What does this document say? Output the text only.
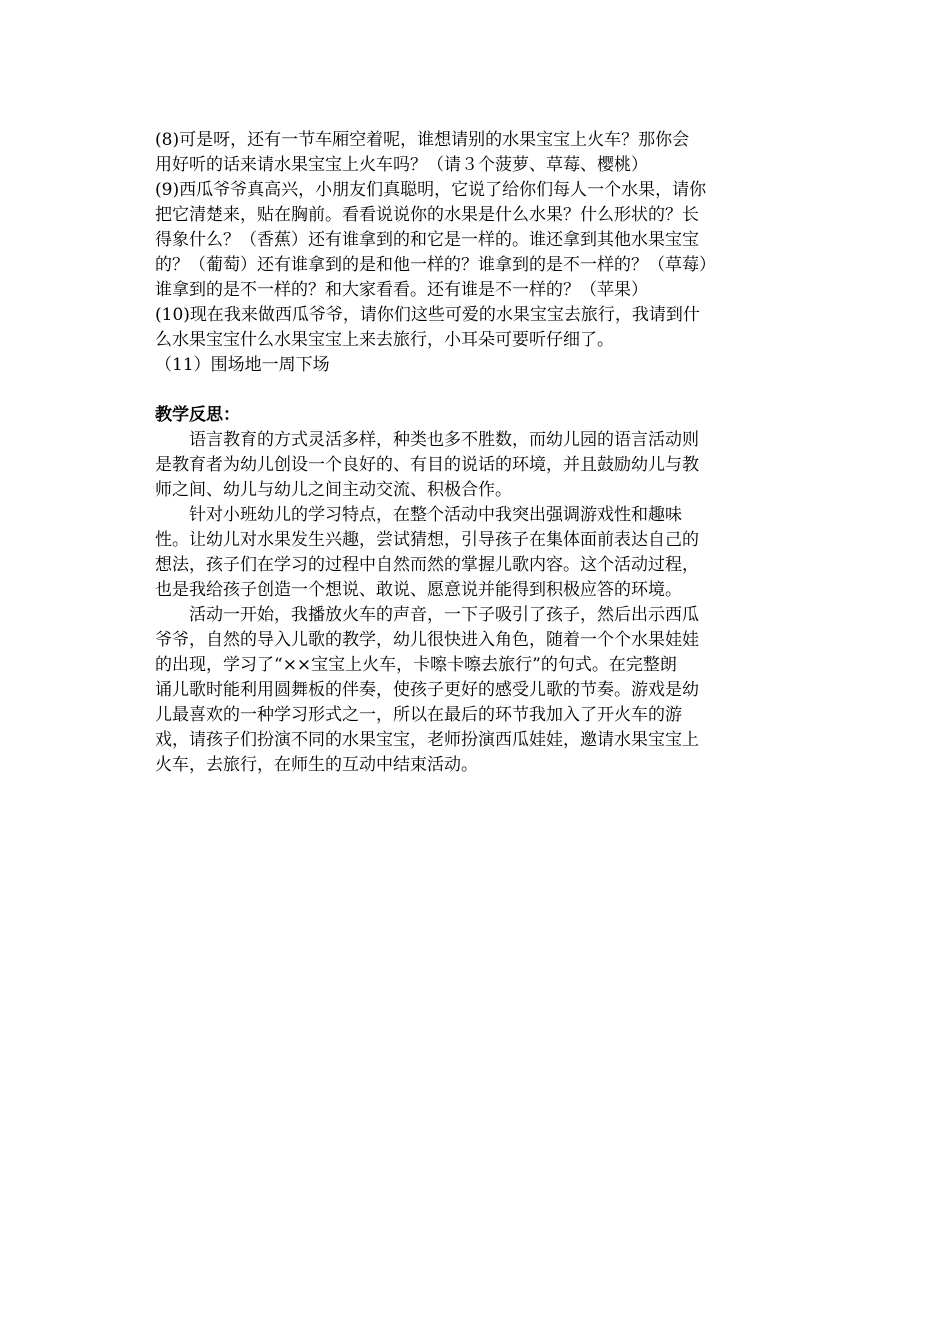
(8)可是呀，还有一节车厢空着呢，谁想请别的水果宝宝上火车？那你会
用好听的话来请水果宝宝上火车吗？（请３个菠萝、草莓、樱桃）
(9)西瓜爷爷真高兴，小朋友们真聪明，它说了给你们每人一个水果，请你
把它清楚来，贴在胸前。看看说说你的水果是什么水果？什么形状的？长
得象什么？（香蕉）还有谁拿到的和它是一样的。谁还拿到其他水果宝宝
的？（葡萄）还有谁拿到的是和他一样的？谁拿到的是不一样的？（草莓）
谁拿到的是不一样的？和大家看看。还有谁是不一样的？（苹果）
(10)现在我来做西瓜爷爷，请你们这些可爱的水果宝宝去旅行，我请到什
么水果宝宝什么水果宝宝上来去旅行，小耳朵可要听仔细了。
（11）围场地一周下场
教学反思：
语言教育的方式灵活多样，种类也多不胜数，而幼儿园的语言活动则
是教育者为幼儿创设一个良好的、有目的说话的环境，并且鼓励幼儿与教
师之间、幼儿与幼儿之间主动交流、积极合作。
针对小班幼儿的学习特点，在整个活动中我突出强调游戏性和趣味
性。让幼儿对水果发生兴趣，尝试猜想，引导孩子在集体面前表达自己的
想法，孩子们在学习的过程中自然而然的掌握儿歌内容。这个活动过程，
也是我给孩子创造一个想说、敢说、愿意说并能得到积极应答的环境。
活动一开始，我播放火车的声音，一下子吸引了孩子，然后出示西瓜
爷爷，自然的导入儿歌的教学，幼儿很快进入角色，随着一个个水果娃娃
的出现，学习了“××宝宝上火车，卡嚓卡嚓去旅行”的句式。在完整朗
诵儿歌时能利用圆舞板的伴奏，使孩子更好的感受儿歌的节奏。游戏是幼
儿最喜欢的一种学习形式之一，所以在最后的环节我加入了开火车的游
戏，请孩子们扮演不同的水果宝宝，老师扮演西瓜娃娃，邀请水果宝宝上
火车，去旅行，在师生的互动中结束活动。
